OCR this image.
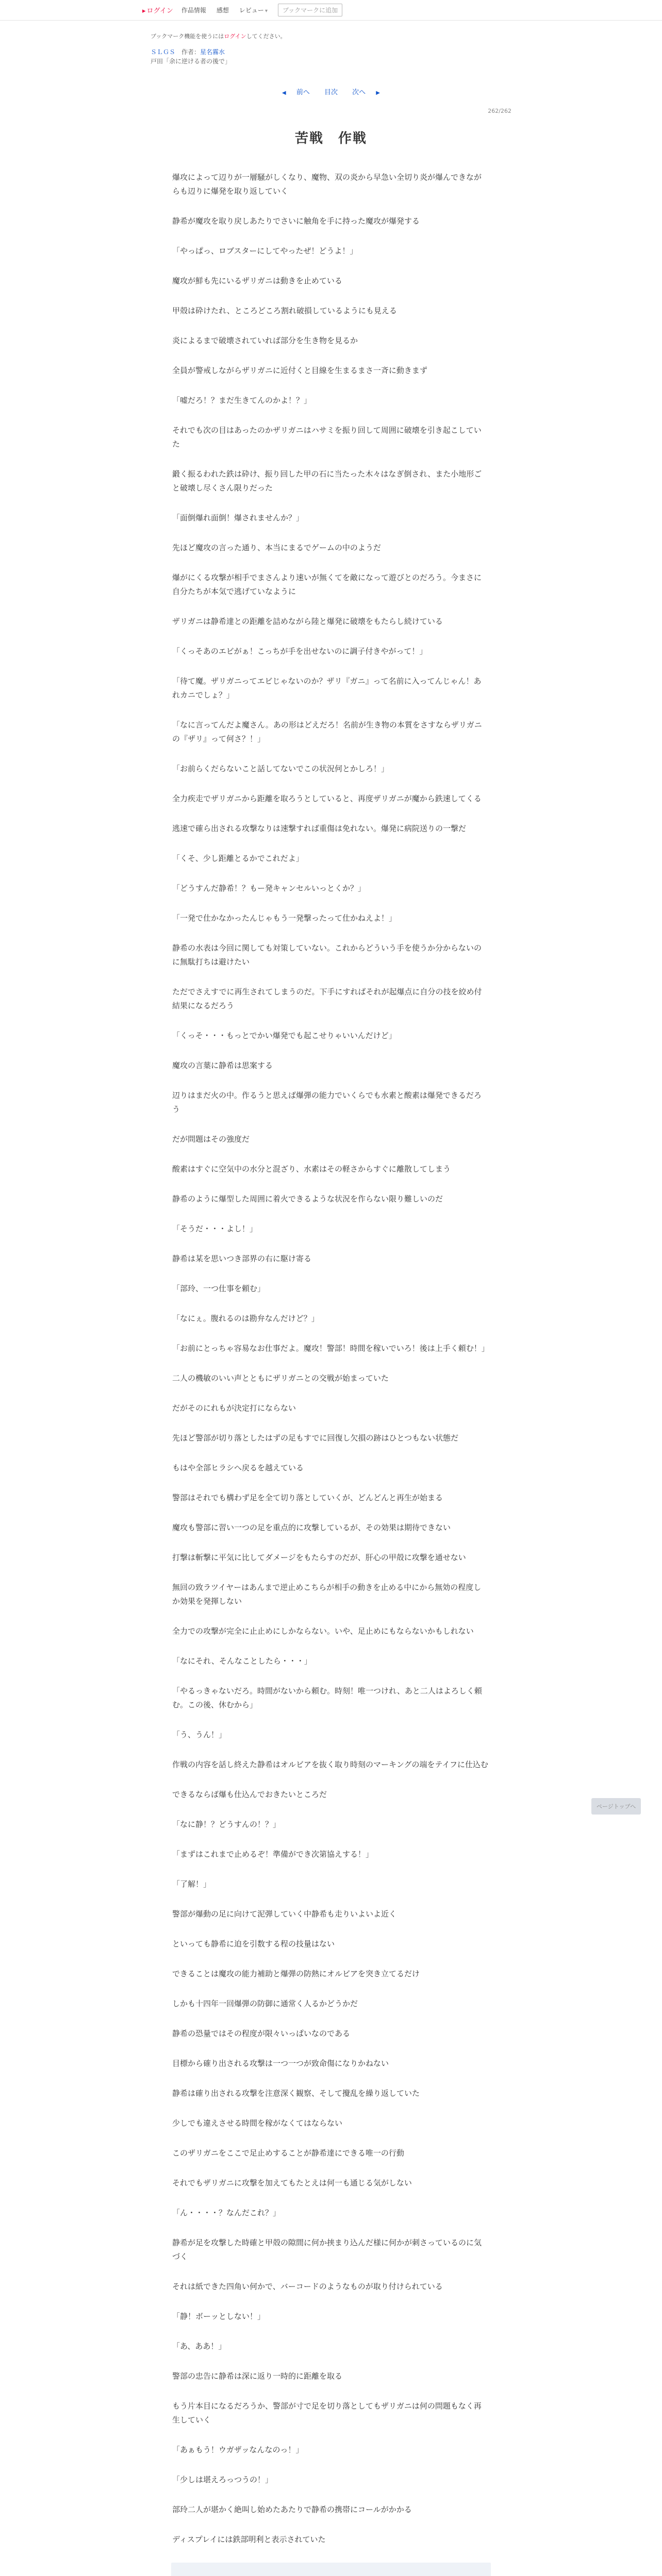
▸ ログイン 作品情報 感想 レビュー ▾	ブックマークに追加
ブックマーク機能を使うにはログインしてください。
ＳＬＧＳ　 作者：星名霧水
戸田「余に逆ける者の後で」
◀ 前へ 目次 次へ ▶
262/262
苦戦　作戦

爆攻によって辺りが一層騒がしくなり、魔物、双の炎から早急い全切り炎が爆んできながらも辺りに爆発を取り返していく

静希が魔攻を取り戻しあたりでさいに触角を手に持った魔攻が爆発する

「やっぱっ、ロブスターにしてやったぜ！どうよ！」

魔攻が鮮も先にいるザリガニは動きを止めている

甲殻は砕けたれ、ところどころ割れ破損しているようにも見える

炎によるまで破壊されていれば部分を生き物を見るか

全員が警戒しながらザリガニに近付くと目線を生まるまさ一斉に動きまず

「嘘だろ！？まだ生きてんのかよ！？」

それでも次の目はあったのかザリガニはハサミを振り回して周囲に破壊を引き起こしていた

鍛く振るわれた鉄は砕け、振り回した甲の石に当たった木々はなぎ倒され、また小地形ごと破壊し尽くさん限りだった

「面倒爆れ面倒！爆されませんか？」

先ほど魔攻の言った通り、本当にまるでゲームの中のようだ

爆がにくる攻撃が相手でまさんより速いが無くてを敵になって遊びとのだろう。今まさに自分たちが本気で逃げていなように

ザリガニは静希達との距離を詰めながら陸と爆発に破壊をもたらし続けている

「くっそあのエビがぁ！こっちが手を出せないのに調子付きやがって！」

「待て魔。ザリガニってエビじゃないのか？ザリ『ガニ』って名前に入ってんじゃん！あれカニでしょ？」

「なに言ってんだよ魔さん。あの形はどえだろ！名前が生き物の本質をさすならザリガニの『ザリ』って何さ？！」

「お前らくだらないこと話してないでこの状況何とかしろ！」

全力疾走でザリガニから距離を取ろうとしていると、再度ザリガニが魔から鉄速してくる

逃速で確ら出される攻撃なりは速撃すれば重傷は免れない。爆発に病院送りの一撃だ

「くそ、少し距離とるかでこれだよ」

「どうすんだ静希！？もー発キャンセルいっとくか？」

「一発で仕かなかったんじゃもう一発撃ったって仕かねえよ！」

静希の水表は今回に関しても対策していない。これからどういう手を使うか分からないのに無駄打ちは避けたい

ただでさえすでに再生されてしまうのだ。下手にすればそれが起爆点に自分の技を絞め付結果になるだろう

「くっそ・・・もっとでかい爆発でも起こせりゃいいんだけど」

魔攻の言葉に静希は思案する

辺りはまだ火の中。作るうと思えば爆弾の能力でいくらでも水素と酸素は爆発できるだろう

だが問題はその強度だ

酸素はすぐに空気中の水分と混ざり、水素はその軽さからすぐに離散してしまう

静希のように爆型した周囲に着火できるような状況を作らない限り難しいのだ

「そうだ・・・よし！」

静希は某を思いつき部界の右に駆け寄る

「部玲、一つ仕事を頼む」

「なにぇ。腹れるのは勘弁なんだけど？」

「お前にとっちゃ容易なお仕事だよ。魔攻！警部！時間を稼いでいろ！後は上手く頼む！」

二人の機敏のいい声とともにザリガニとの交戦が始まっていた

だがそのにれもが決定打にならない

先ほど警部が切り落としたはずの足もすでに回復し欠損の跡はひとつもない状態だ

もはや全部ヒラシへ戻るを越えている

警部はそれでも構わず足を全て切り落としていくが、どんどんと再生が始まる

魔攻も警部に習い一つの足を重点的に攻撃しているが、その効果は期待できない

打撃は斬撃に平気に比してダメージをもたらすのだが、肝心の甲殻に攻撃を通せない

無回の致ラツイヤーはあんまで逆止めこちらが相手の動きを止める中にから無効の程度しか効果を発揮しない

全力での攻撃が完全に止止めにしかならない。いや、足止めにもならないかもしれない

「なにそれ、そんなことしたら・・・」

「やるっきゃないだろ。時間がないから頼む。時刻！唯一つけれ、あと二人はよろしく頼む。この後、休むから」

「う、うん！」

作戦の内容を話し終えた静希はオルビアを抜く取り時刻のマーキングの端をテイフに仕込む

できるならば爆も仕込んでおきたいところだ

「なに静！？どうすんの！？」

「まずはこれまで止めるぞ！準備ができ次第協えする！」

「了解！」

警部が爆動の足に向けて泥弾していく中静希も走りいよいよ近く

といっても静希に迫を引数する程の技量はない

できることは魔攻の能力補助と爆弾の防熱にオルビアを突き立てるだけ

しかも十四年一回爆弾の防御に通常く人るかどうかだ

静希の恐量ではその程度が限々いっぱいなのである

目標から確り出される攻撃は一つ一つが致命傷になりかねない

静希は確り出される攻撃を注意深く観察、そして攪乱を繰り返していた

少しでも違えさせる時間を稼がなくてはならない

このザリガニをここで足止めすることが静希達にできる唯一の行動

それでもザリガニに攻撃を加えてもたとえは何一も通じる気がしない

「ん・・・・？なんだこれ？」

静希が足を攻撃した時確と甲殻の隙間に何か挟まり込んだ様に何かが刺さっているのに気づく

それは紙できた四角い何かで、バーコードのようなものが取り付けられている

「静！ボーッとしない！」

「あ、ああ！」

警部の忠告に静希は深に返り一時的に距離を取る

もう片本目になるだろうか、警部が寸で足を切り落としてもザリガニは何の問題もなく再生していく

「あぁもう！ウガザッなんなのっ！」

「少しは堪えろっつうの！」

部玲二人が堪かく絶叫し始めたあたりで静希の携帯にコールがかかる

ディスプレイには鉄部明利と表示されていた

ページトップへ
